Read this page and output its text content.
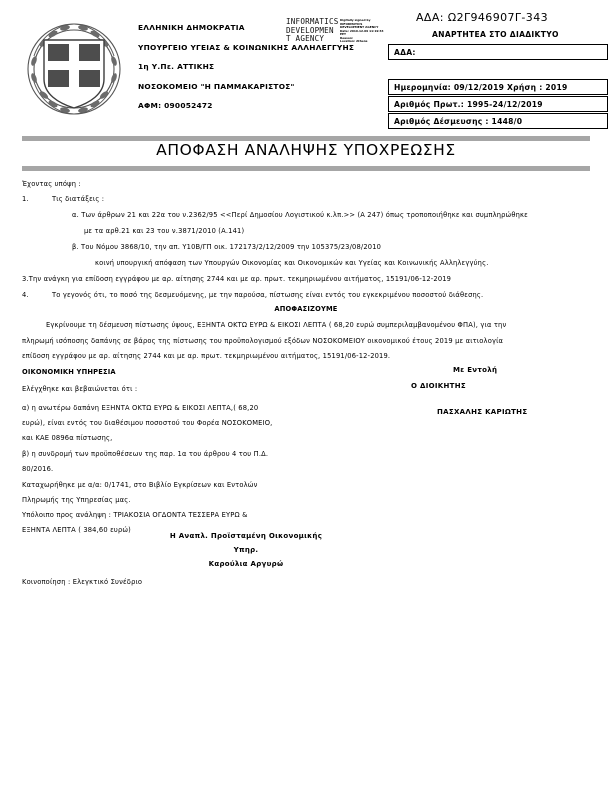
ΕΛΛΗΝΙΚΗ ΔΗΜΟΚΡΑΤΙΑ
ΥΠΟΥΡΓΕΙΟ ΥΓΕΙΑΣ & ΚΟΙΝΩΝΙΚΗΣ ΑΛΛΗΛΕΓΓΥΗΣ
1η Υ.Πε. ΑΤΤΙΚΗΣ
ΝΟΣΟΚΟΜΕΙΟ "Η ΠΑΜΜΑΚΑΡΙΣΤΟΣ"
ΑΦΜ: 090052472
INFORMATICS
DEVELOPMEN
T AGENCY
Digitally signed by
INFORMATICS
DEVELOPMENT AGENCY
Date: 2019.12.09 11:19:34
EET
Reason:
Location: Athens
ΑΔΑ: Ω2Γ946907Γ-343
ΑΝΑΡΤΗΤΕΑ ΣΤΟ ΔΙΑΔΙΚΤΥΟ
ΑΔΑ:
Ημερομηνία: 09/12/2019 Χρήση : 2019
Αριθμός Πρωτ.: 1995-24/12/2019
Αριθμός Δέσμευσης : 1448/0
ΑΠΟΦΑΣΗ ΑΝΑΛΗΨΗΣ ΥΠΟΧΡΕΩΣΗΣ
Έχοντας υπόψη :
1.	Τις διατάξεις :
α. Των άρθρων 21 και 22α του ν.2362/95 <<Περί Δημοσίου Λογιστικού κ.λπ.>> (Α 247) όπως τροποποιήθηκε και συμπληρώθηκε
με τα αρθ.21 και 23 του ν.3871/2010 (Α.141)
β. Του Νόμου 3868/10, την απ. Υ10Β/ΓΠ οικ. 172173/2/12/2009 την 105375/23/08/2010
κοινή υπουργική απόφαση των Υπουργών Οικονομίας και Οικονομικών και Υγείας και Κοινωνικής Αλληλεγγύης.
3.Την ανάγκη για επίδοση εγγράφου με αρ. αίτησης 2744 και με αρ. πρωτ. τεκμηριωμένου αιτήματος, 15191/06-12-2019
4.	Το γεγονός ότι, το ποσό της δεσμευόμενης, με την παρούσα, πίστωσης είναι εντός του εγκεκριμένου ποσοστού διάθεσης.
ΑΠΟΦΑΣΙΖΟΥΜΕ
Εγκρίνουμε τη δέσμευση πίστωσης ύψους, ΕΞΗΝΤΑ ΟΚΤΩ ΕΥΡΩ & ΕΙΚΟΣΙ ΛΕΠΤΑ ( 68,20 ευρώ συμπεριλαμβανομένου ΦΠΑ), για την
πληρωμή ισόποσης δαπάνης σε βάρος της πίστωσης του προϋπολογισμού εξόδων ΝΟΣΟΚΟΜΕΙΟΥ οικονομικού έτους 2019 με αιτιολογία
επίδοση εγγράφου με αρ. αίτησης 2744 και με αρ. πρωτ. τεκμηριωμένου αιτήματος, 15191/06-12-2019.
ΟΙΚΟΝΟΜΙΚΗ ΥΠΗΡΕΣΙΑ
Ελέγχθηκε και βεβαιώνεται ότι :
α) η ανωτέρω δαπάνη ΕΞΗΝΤΑ ΟΚΤΩ ΕΥΡΩ & ΕΙΚΟΣΙ ΛΕΠΤΑ,( 68,20
ευρώ), είναι εντός του διαθέσιμου ποσοστού του Φορέα ΝΟΣΟΚΟΜΕΙΟ,
και ΚΑΕ 0896α πίστωσης,
β) η συνδρομή των προϋποθέσεων της παρ. 1α του άρθρου 4 του Π.Δ.
80/2016.
Καταχωρήθηκε με α/α: 0/1741, στο Βιβλίο Εγκρίσεων και Εντολών
Πληρωμής της Υπηρεσίας μας.
Υπόλοιπο προς ανάληψη : ΤΡΙΑΚΟΣΙΑ ΟΓΔΟΝΤΑ ΤΕΣΣΕΡΑ ΕΥΡΩ &
ΕΞΗΝΤΑ ΛΕΠΤΑ ( 384,60 ευρώ)
Με Εντολή
Ο ΔΙΟΙΚΗΤΗΣ
ΠΑΣΧΑΛΗΣ ΚΑΡΙΩΤΗΣ
Η Αναπλ. Προϊσταμένη Οικονομικής
Υπηρ.
Καρούλια Αργυρώ
Κοινοποίηση : Ελεγκτικό Συνέδριο
